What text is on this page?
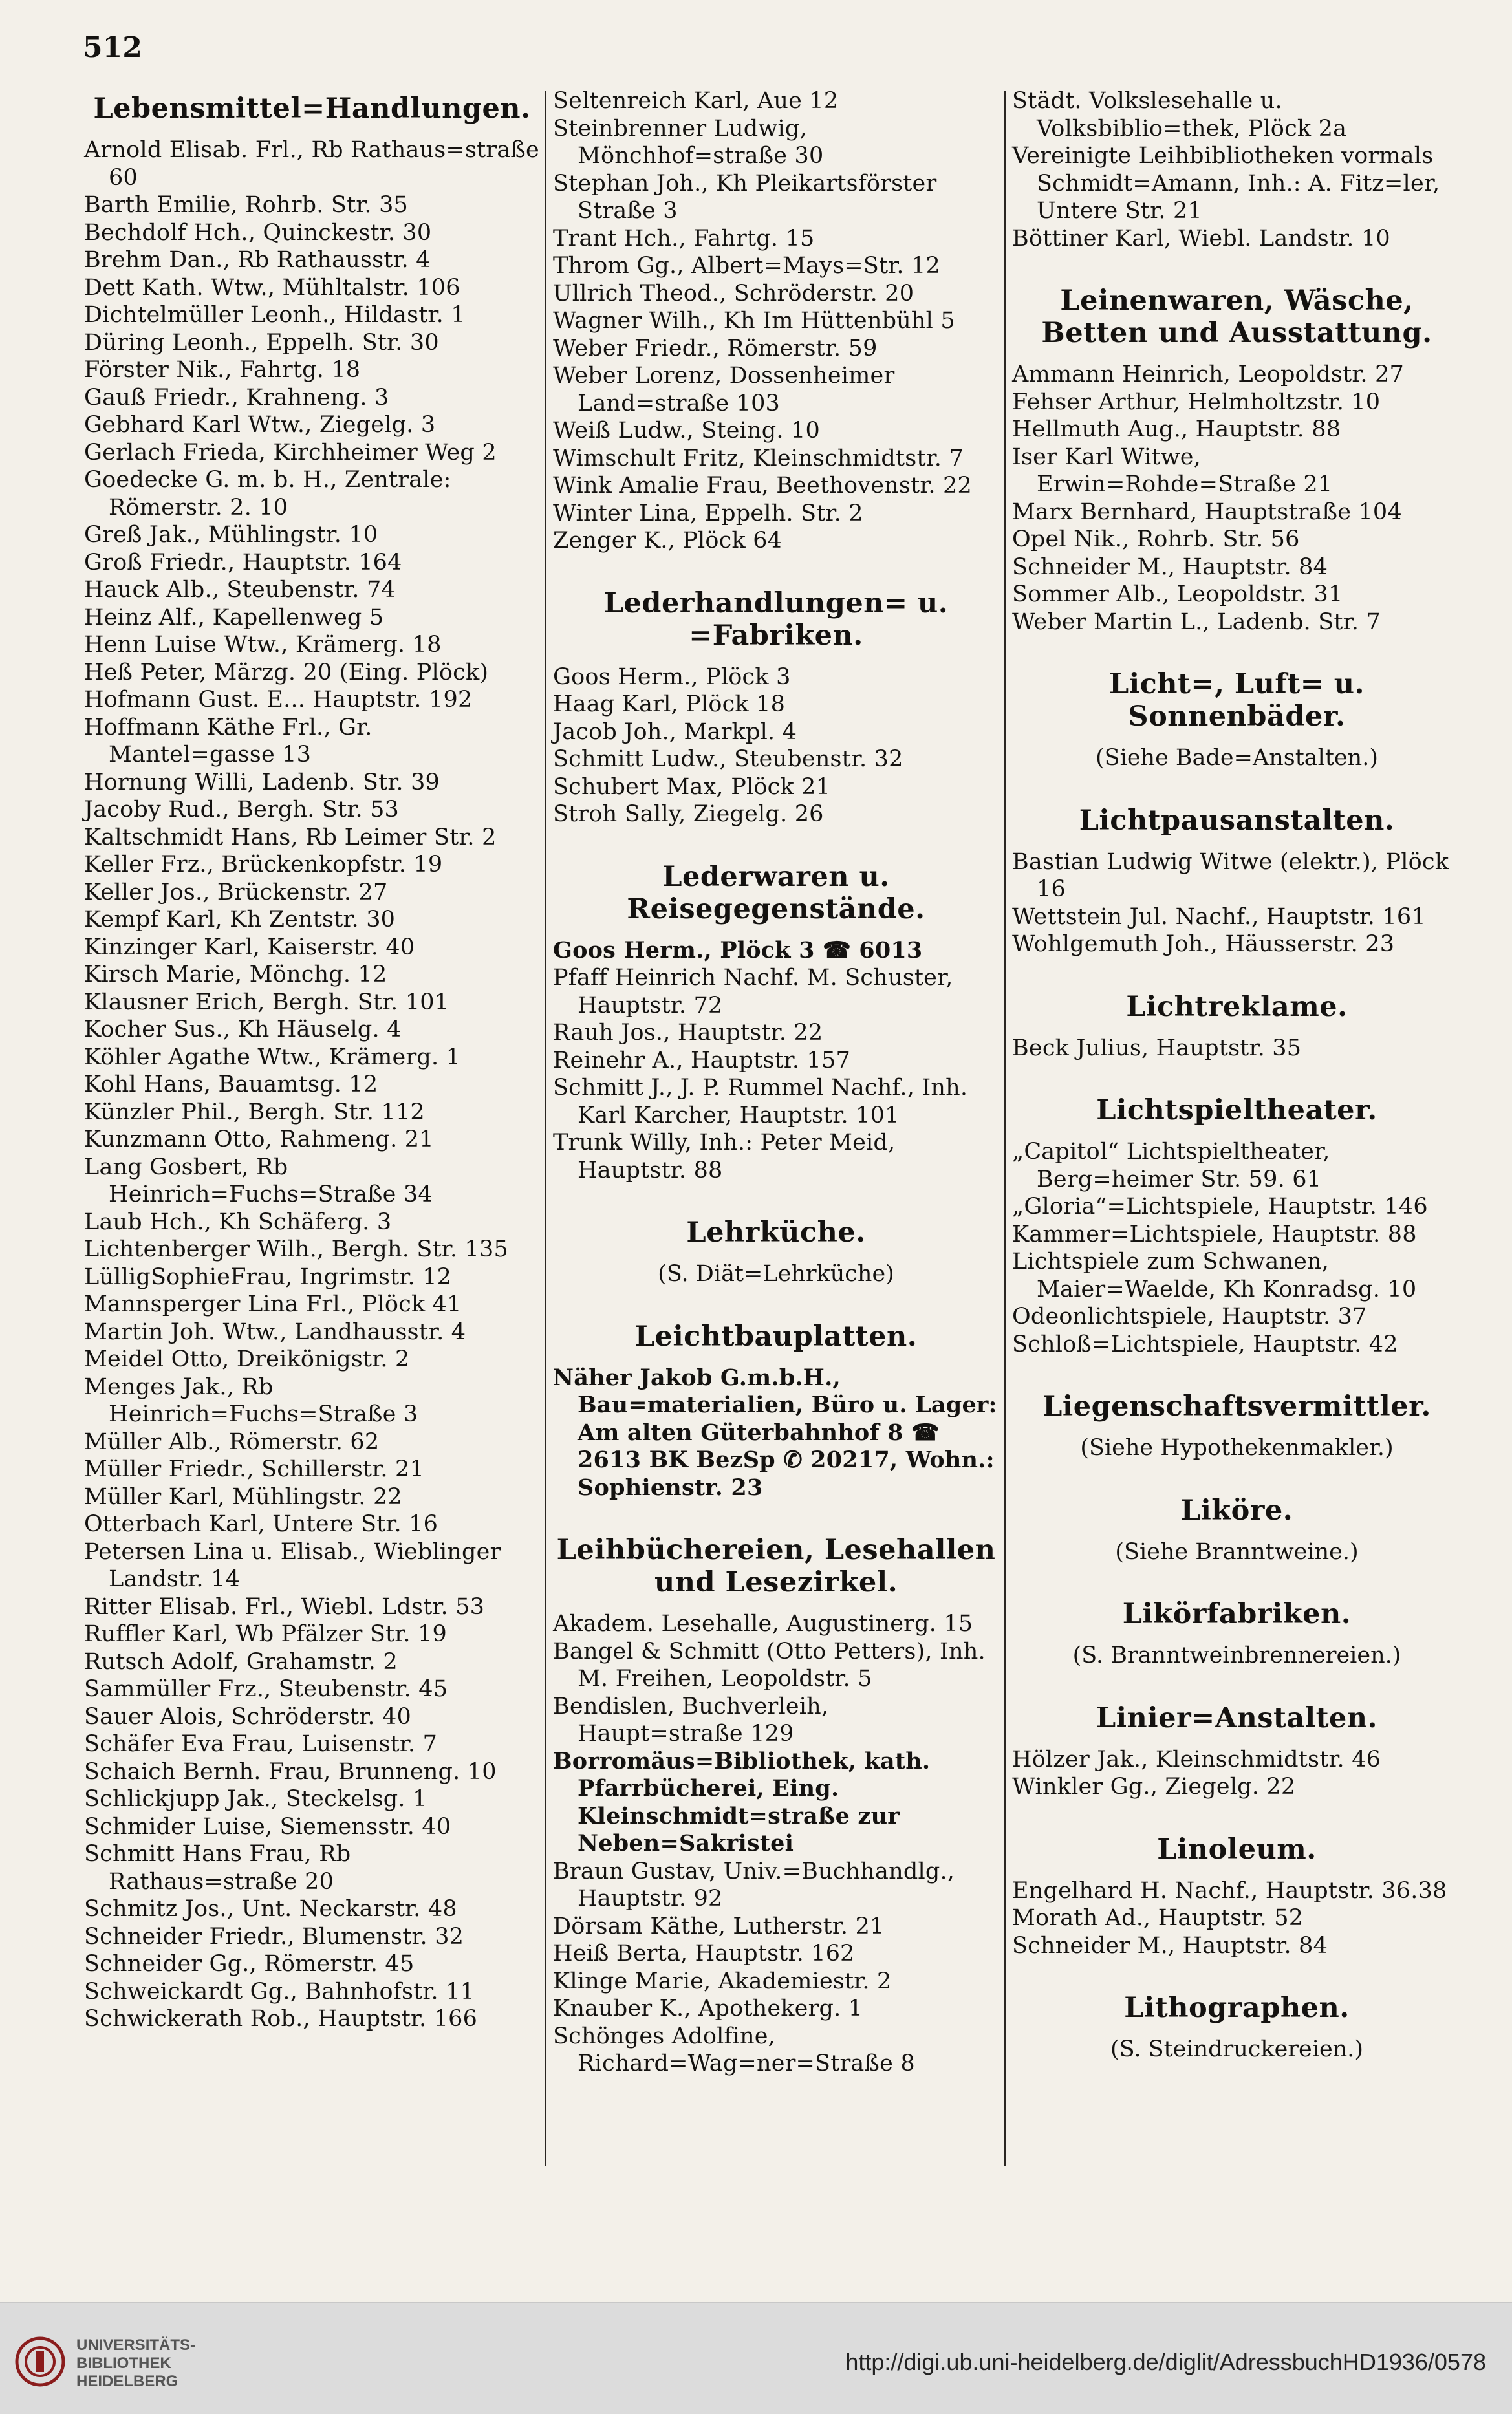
512
Lebensmittel=Handlungen.
Arnold Elisab. Frl., Rb Rathaus=straße 60
Barth Emilie, Rohrb. Str. 35
Bechdolf Hch., Quinckestr. 30
Brehm Dan., Rb Rathausstr. 4
Dett Kath. Wtw., Mühltalstr. 106
Dichtelmüller Leonh., Hildastr. 1
Düring Leonh., Eppelh. Str. 30
Förster Nik., Fahrtg. 18
Gauß Friedr., Krahneng. 3
Gebhard Karl Wtw., Ziegelg. 3
Gerlach Frieda, Kirchheimer Weg 2
Goedecke G. m. b. H., Zentrale: Römerstr. 2. 10
Greß Jak., Mühlingstr. 10
Groß Friedr., Hauptstr. 164
Hauck Alb., Steubenstr. 74
Heinz Alf., Kapellenweg 5
Henn Luise Wtw., Krämerg. 18
Heß Peter, Märzg. 20 (Eing. Plöck)
Hofmann Gust. E... Hauptstr. 192
Hoffmann Käthe Frl., Gr. Mantel=gasse 13
Hornung Willi, Ladenb. Str. 39
Jacoby Rud., Bergh. Str. 53
Kaltschmidt Hans, Rb Leimer Str. 2
Keller Frz., Brückenkopfstr. 19
Keller Jos., Brückenstr. 27
Kempf Karl, Kh Zentstr. 30
Kinzinger Karl, Kaiserstr. 40
Kirsch Marie, Mönchg. 12
Klausner Erich, Bergh. Str. 101
Kocher Sus., Kh Häuselg. 4
Köhler Agathe Wtw., Krämerg. 1
Kohl Hans, Bauamtsg. 12
Künzler Phil., Bergh. Str. 112
Kunzmann Otto, Rahmeng. 21
Lang Gosbert, Rb Heinrich=Fuchs=Straße 34
Laub Hch., Kh Schäferg. 3
Lichtenberger Wilh., Bergh. Str. 135
LülligSophieFrau, Ingrimstr. 12
Mannsperger Lina Frl., Plöck 41
Martin Joh. Wtw., Landhausstr. 4
Meidel Otto, Dreikönigstr. 2
Menges Jak., Rb Heinrich=Fuchs=Straße 3
Müller Alb., Römerstr. 62
Müller Friedr., Schillerstr. 21
Müller Karl, Mühlingstr. 22
Otterbach Karl, Untere Str. 16
Petersen Lina u. Elisab., Wieblinger Landstr. 14
Ritter Elisab. Frl., Wiebl. Ldstr. 53
Ruffler Karl, Wb Pfälzer Str. 19
Rutsch Adolf, Grahamstr. 2
Sammüller Frz., Steubenstr. 45
Sauer Alois, Schröderstr. 40
Schäfer Eva Frau, Luisenstr. 7
Schaich Bernh. Frau, Brunneng. 10
Schlickjupp Jak., Steckelsg. 1
Schmider Luise, Siemensstr. 40
Schmitt Hans Frau, Rb Rathaus=straße 20
Schmitz Jos., Unt. Neckarstr. 48
Schneider Friedr., Blumenstr. 32
Schneider Gg., Römerstr. 45
Schweickardt Gg., Bahnhofstr. 11
Schwickerath Rob., Hauptstr. 166
Seltenreich Karl, Aue 12
Steinbrenner Ludwig, Mönchhof=straße 30
Stephan Joh., Kh Pleikartsförster Straße 3
Trant Hch., Fahrtg. 15
Throm Gg., Albert=Mays=Str. 12
Ullrich Theod., Schröderstr. 20
Wagner Wilh., Kh Im Hüttenbühl 5
Weber Friedr., Römerstr. 59
Weber Lorenz, Dossenheimer Land=straße 103
Weiß Ludw., Steing. 10
Wimschult Fritz, Kleinschmidtstr. 7
Wink Amalie Frau, Beethovenstr. 22
Winter Lina, Eppelh. Str. 2
Zenger K., Plöck 64
Lederhandlungen= u. =Fabriken.
Goos Herm., Plöck 3
Haag Karl, Plöck 18
Jacob Joh., Markpl. 4
Schmitt Ludw., Steubenstr. 32
Schubert Max, Plöck 21
Stroh Sally, Ziegelg. 26
Lederwaren u. Reisegegenstände.
Goos Herm., Plöck 3 ☎ 6013
Pfaff Heinrich Nachf. M. Schuster, Hauptstr. 72
Rauh Jos., Hauptstr. 22
Reinehr A., Hauptstr. 157
Schmitt J., J. P. Rummel Nachf., Inh. Karl Karcher, Hauptstr. 101
Trunk Willy, Inh.: Peter Meid, Hauptstr. 88
Lehrküche.
(S. Diät=Lehrküche)
Leichtbauplatten.
Näher Jakob G.m.b.H., Bau=materialien, Büro u. Lager: Am alten Güterbahnhof 8 ☎ 2613 BK BezSp ✆ 20217, Wohn.: Sophienstr. 23
Leihbüchereien, Lesehallen und Lesezirkel.
Akadem. Lesehalle, Augustinerg. 15
Bangel & Schmitt (Otto Petters), Inh. M. Freihen, Leopoldstr. 5
Bendislen, Buchverleih, Haupt=straße 129
Borromäus=Bibliothek, kath. Pfarrbücherei, Eing. Kleinschmidt=straße zur Neben=Sakristei
Braun Gustav, Univ.=Buchhandlg., Hauptstr. 92
Dörsam Käthe, Lutherstr. 21
Heiß Berta, Hauptstr. 162
Klinge Marie, Akademiestr. 2
Knauber K., Apothekerg. 1
Schönges Adolfine, Richard=Wag=ner=Straße 8
Städt. Volkslesehalle u. Volksbiblio=thek, Plöck 2a
Vereinigte Leihbibliotheken vormals Schmidt=Amann, Inh.: A. Fitz=ler, Untere Str. 21
Böttiner Karl, Wiebl. Landstr. 10
Leinenwaren, Wäsche, Betten und Ausstattung.
Ammann Heinrich, Leopoldstr. 27
Fehser Arthur, Helmholtzstr. 10
Hellmuth Aug., Hauptstr. 88
Iser Karl Witwe, Erwin=Rohde=Straße 21
Marx Bernhard, Hauptstraße 104
Opel Nik., Rohrb. Str. 56
Schneider M., Hauptstr. 84
Sommer Alb., Leopoldstr. 31
Weber Martin L., Ladenb. Str. 7
Licht=, Luft= u. Sonnenbäder.
(Siehe Bade=Anstalten.)
Lichtpausanstalten.
Bastian Ludwig Witwe (elektr.), Plöck 16
Wettstein Jul. Nachf., Hauptstr. 161
Wohlgemuth Joh., Häusserstr. 23
Lichtreklame.
Beck Julius, Hauptstr. 35
Lichtspieltheater.
„Capitol“ Lichtspieltheater, Berg=heimer Str. 59. 61
„Gloria“=Lichtspiele, Hauptstr. 146
Kammer=Lichtspiele, Hauptstr. 88
Lichtspiele zum Schwanen, Maier=Waelde, Kh Konradsg. 10
Odeonlichtspiele, Hauptstr. 37
Schloß=Lichtspiele, Hauptstr. 42
Liegenschaftsvermittler.
(Siehe Hypothekenmakler.)
Liköre.
(Siehe Branntweine.)
Likörfabriken.
(S. Branntweinbrennereien.)
Linier=Anstalten.
Hölzer Jak., Kleinschmidtstr. 46
Winkler Gg., Ziegelg. 22
Linoleum.
Engelhard H. Nachf., Hauptstr. 36.38
Morath Ad., Hauptstr. 52
Schneider M., Hauptstr. 84
Lithographen.
(S. Steindruckereien.)
UNIVERSITÄTS-
BIBLIOTHEK
HEIDELBERG
http://digi.ub.uni-heidelberg.de/diglit/AdressbuchHD1936/0578
